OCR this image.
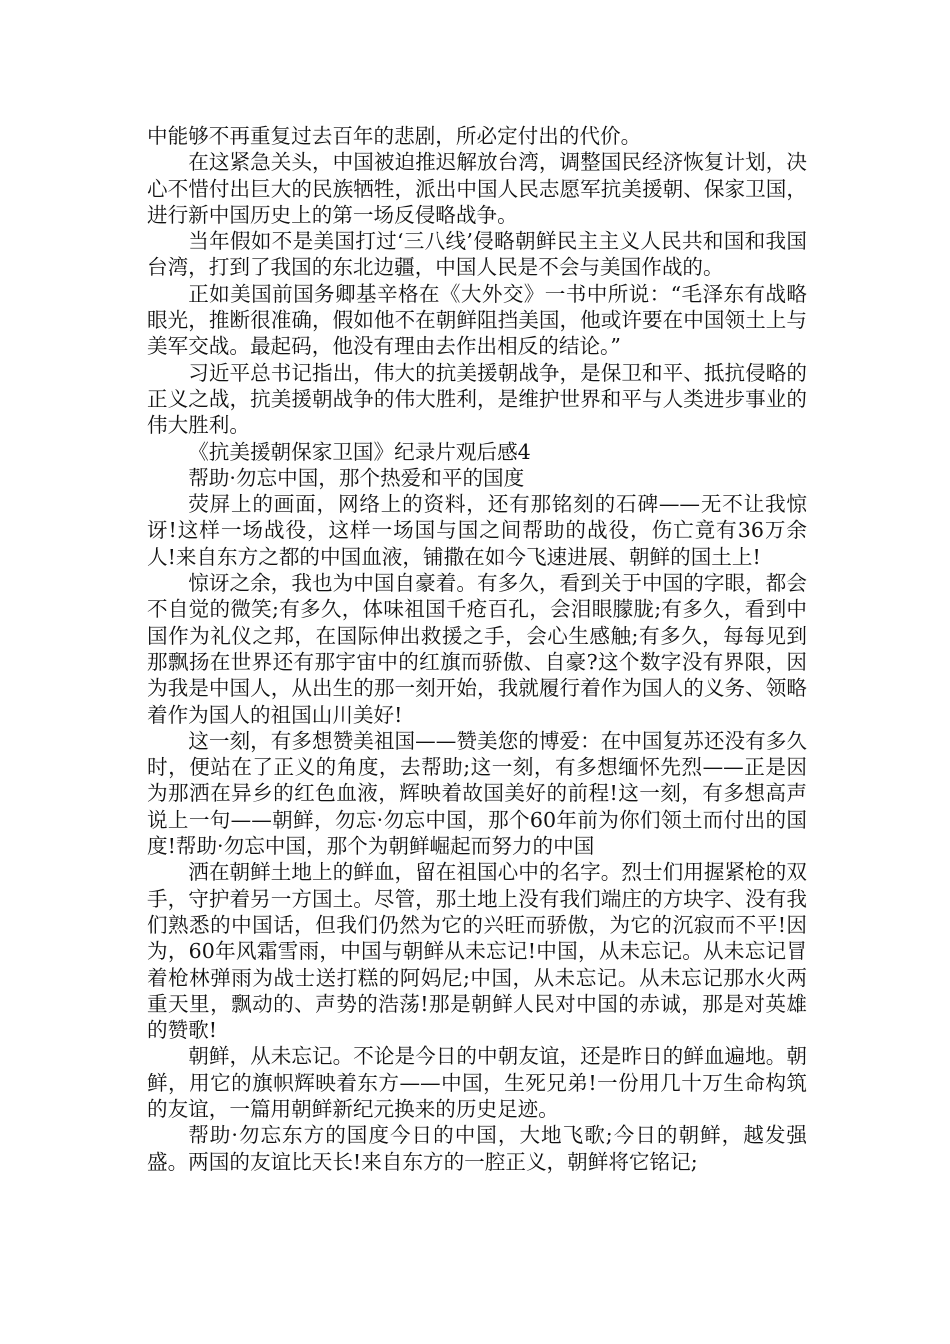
中能够不再重复过去百年的悲剧，所必定付出的代价。

在这紧急关头，中国被迫推迟解放台湾，调整国民经济恢复计划，决心不惜付出巨大的民族牺牲，派出中国人民志愿军抗美援朝、保家卫国，进行新中国历史上的第一场反侵略战争。

当年假如不是美国打过‘三八线’侵略朝鲜民主主义人民共和国和我国台湾，打到了我国的东北边疆，中国人民是不会与美国作战的。

正如美国前国务卿基辛格在《大外交》一书中所说：“毛泽东有战略眼光，推断很准确，假如他不在朝鲜阻挡美国，他或许要在中国领土上与美军交战。最起码，他没有理由去作出相反的结论。”

习近平总书记指出，伟大的抗美援朝战争，是保卫和平、抵抗侵略的正义之战，抗美援朝战争的伟大胜利，是维护世界和平与人类进步事业的伟大胜利。

《抗美援朝保家卫国》纪录片观后感4

帮助·勿忘中国，那个热爱和平的国度

荧屏上的画面，网络上的资料，还有那铭刻的石碑——无不让我惊讶!这样一场战役，这样一场国与国之间帮助的战役，伤亡竟有36万余人!来自东方之都的中国血液，铺撒在如今飞速进展、朝鲜的国土上!

惊讶之余，我也为中国自豪着。有多久，看到关于中国的字眼，都会不自觉的微笑;有多久，体味祖国千疮百孔，会泪眼朦胧;有多久，看到中国作为礼仪之邦，在国际伸出救援之手，会心生感触;有多久，每每见到那飘扬在世界还有那宇宙中的红旗而骄傲、自豪?这个数字没有界限，因为我是中国人，从出生的那一刻开始，我就履行着作为国人的义务、领略着作为国人的祖国山川美好!

这一刻，有多想赞美祖国——赞美您的博爱：在中国复苏还没有多久时，便站在了正义的角度，去帮助;这一刻，有多想缅怀先烈——正是因为那洒在异乡的红色血液，辉映着故国美好的前程!这一刻，有多想高声说上一句——朝鲜，勿忘·勿忘中国，那个60年前为你们领土而付出的国度!帮助·勿忘中国，那个为朝鲜崛起而努力的中国

洒在朝鲜土地上的鲜血，留在祖国心中的名字。烈士们用握紧枪的双手，守护着另一方国土。尽管，那土地上没有我们端庄的方块字、没有我们熟悉的中国话，但我们仍然为它的兴旺而骄傲，为它的沉寂而不平!因为，60年风霜雪雨，中国与朝鲜从未忘记!中国，从未忘记。从未忘记冒着枪林弹雨为战士送打糕的阿妈尼;中国，从未忘记。从未忘记那水火两重天里，飘动的、声势的浩荡!那是朝鲜人民对中国的赤诚，那是对英雄的赞歌!

朝鲜，从未忘记。不论是今日的中朝友谊，还是昨日的鲜血遍地。朝鲜，用它的旗帜辉映着东方——中国，生死兄弟!一份用几十万生命构筑的友谊，一篇用朝鲜新纪元换来的历史足迹。

帮助·勿忘东方的国度今日的中国，大地飞歌;今日的朝鲜，越发强盛。两国的友谊比天长!来自东方的一腔正义，朝鲜将它铭记;
